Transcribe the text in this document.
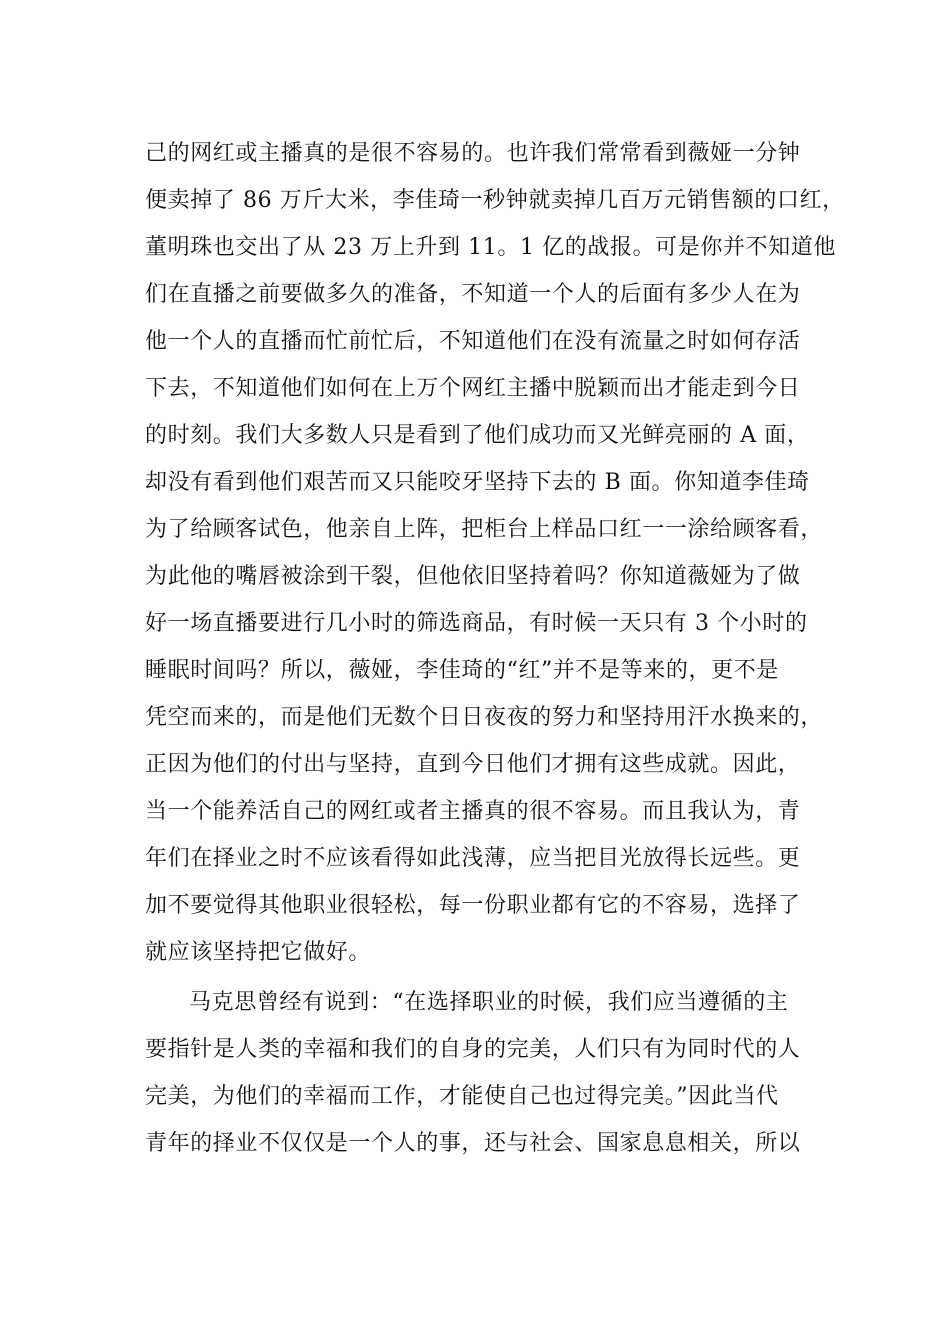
己的网红或主播真的是很不容易的。也许我们常常看到薇娅一分钟
便卖掉了 86 万斤大米，李佳琦一秒钟就卖掉几百万元销售额的口红，
董明珠也交出了从 23 万上升到 11。1 亿的战报。可是你并不知道他
们在直播之前要做多久的准备，不知道一个人的后面有多少人在为
他一个人的直播而忙前忙后，不知道他们在没有流量之时如何存活
下去，不知道他们如何在上万个网红主播中脱颖而出才能走到今日
的时刻。我们大多数人只是看到了他们成功而又光鲜亮丽的 A 面，
却没有看到他们艰苦而又只能咬牙坚持下去的 B 面。你知道李佳琦
为了给顾客试色，他亲自上阵，把柜台上样品口红一一涂给顾客看，
为此他的嘴唇被涂到干裂，但他依旧坚持着吗？你知道薇娅为了做
好一场直播要进行几小时的筛选商品，有时候一天只有 3 个小时的
睡眠时间吗？所以，薇娅，李佳琦的“红”并不是等来的，更不是
凭空而来的，而是他们无数个日日夜夜的努力和坚持用汗水换来的，
正因为他们的付出与坚持，直到今日他们才拥有这些成就。因此，
当一个能养活自己的网红或者主播真的很不容易。而且我认为，青
年们在择业之时不应该看得如此浅薄，应当把目光放得长远些。更
加不要觉得其他职业很轻松，每一份职业都有它的不容易，选择了
就应该坚持把它做好。
马克思曾经有说到：“在选择职业的时候，我们应当遵循的主
要指针是人类的幸福和我们的自身的完美，人们只有为同时代的人
完美，为他们的幸福而工作，才能使自己也过得完美。”因此当代
青年的择业不仅仅是一个人的事，还与社会、国家息息相关，所以
